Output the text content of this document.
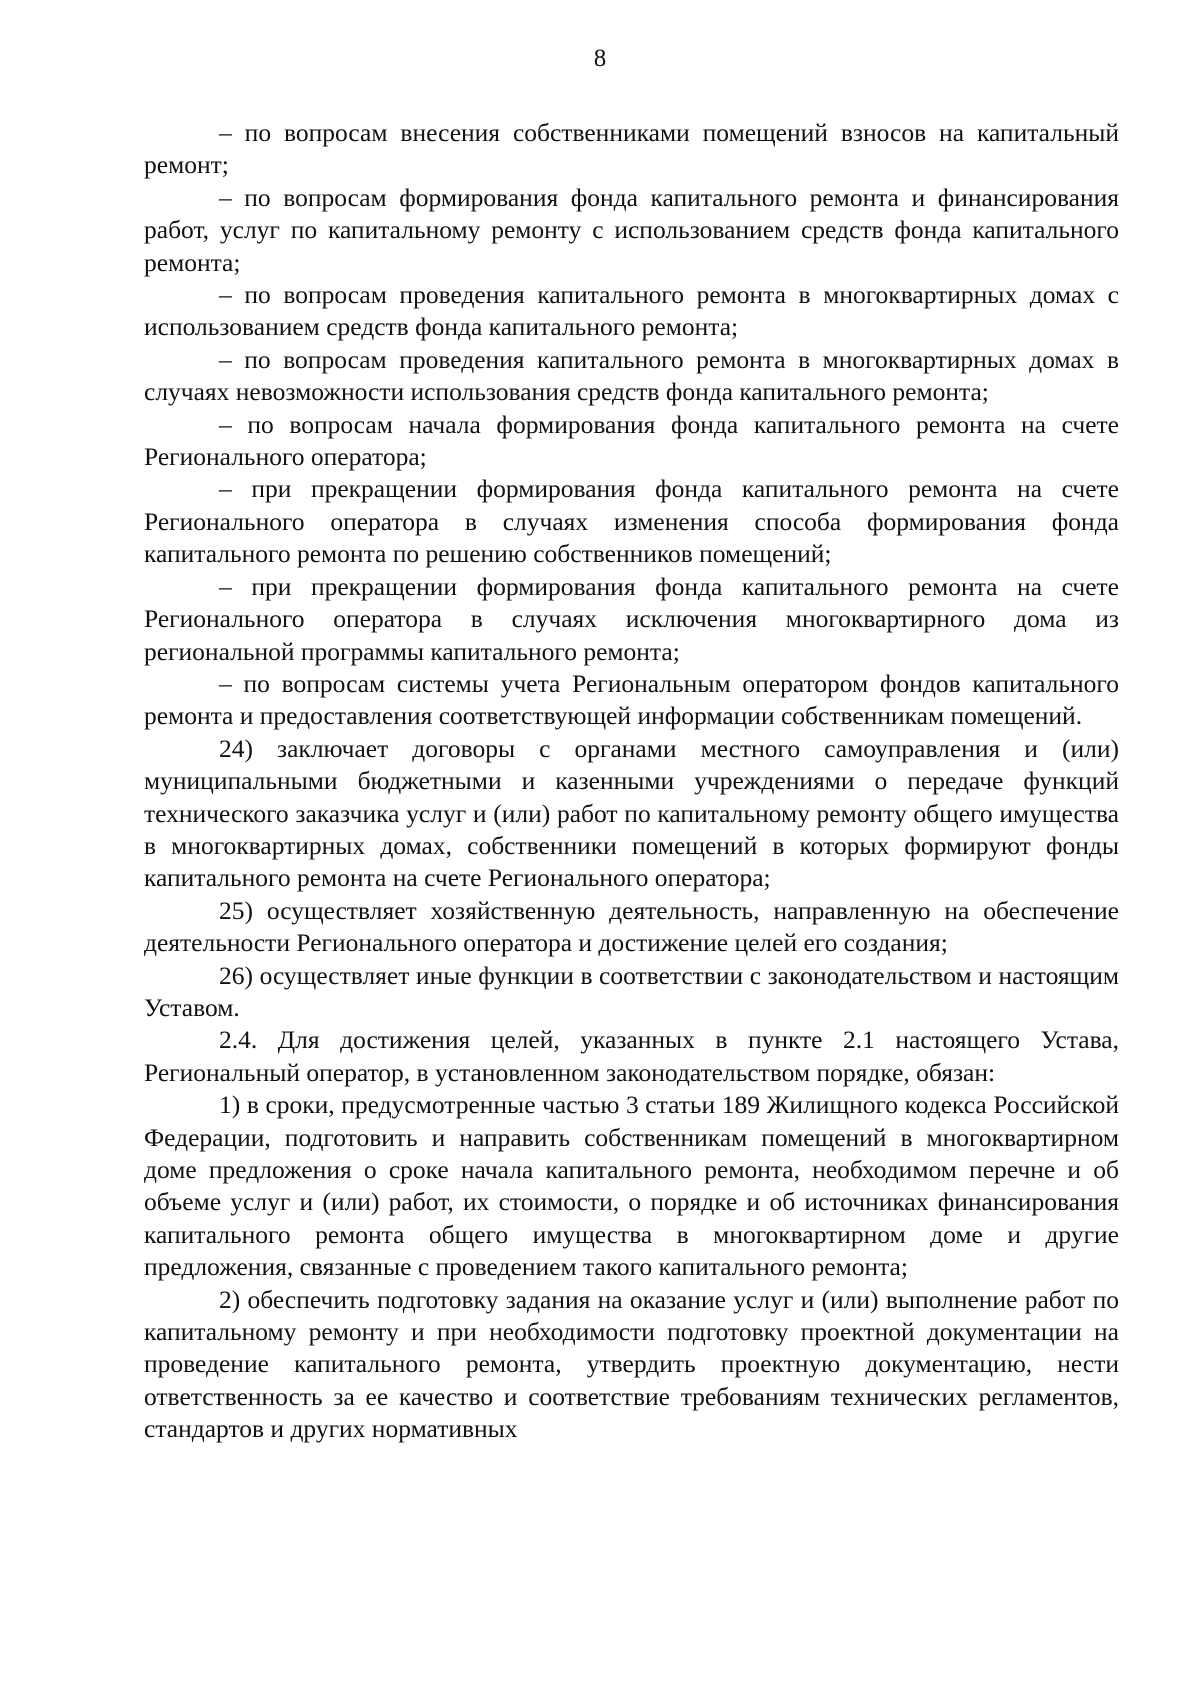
8

– по вопросам внесения собственниками помещений взносов на капитальный ремонт;

– по вопросам формирования фонда капитального ремонта и финансирования работ, услуг по капитальному ремонту с использованием средств фонда капитального ремонта;

– по вопросам проведения капитального ремонта в многоквартирных домах с использованием средств фонда капитального ремонта;

– по вопросам проведения капитального ремонта в многоквартирных домах в случаях невозможности использования средств фонда капитального ремонта;

– по вопросам начала формирования фонда капитального ремонта на счете Регионального оператора;

– при прекращении формирования фонда капитального ремонта на счете Регионального оператора в случаях изменения способа формирования фонда капитального ремонта по решению собственников помещений;

– при прекращении формирования фонда капитального ремонта на счете Регионального оператора в случаях исключения многоквартирного дома из региональной программы капитального ремонта;

– по вопросам системы учета Региональным оператором фондов капитального ремонта и предоставления соответствующей информации собственникам помещений.

24) заключает договоры с органами местного самоуправления и (или) муниципальными бюджетными и казенными учреждениями о передаче функций технического заказчика услуг и (или) работ по капитальному ремонту общего имущества в многоквартирных домах, собственники помещений в которых формируют фонды капитального ремонта на счете Регионального оператора;

25) осуществляет хозяйственную деятельность, направленную на обеспечение деятельности Регионального оператора и достижение целей его создания;

26) осуществляет иные функции в соответствии с законодательством и настоящим Уставом.

2.4. Для достижения целей, указанных в пункте 2.1 настоящего Устава, Региональный оператор, в установленном законодательством порядке, обязан:

1) в сроки, предусмотренные частью 3 статьи 189 Жилищного кодекса Российской Федерации, подготовить и направить собственникам помещений в многоквартирном доме предложения о сроке начала капитального ремонта, необходимом перечне и об объеме услуг и (или) работ, их стоимости, о порядке и об источниках финансирования капитального ремонта общего имущества в многоквартирном доме и другие предложения, связанные с проведением такого капитального ремонта;

2) обеспечить подготовку задания на оказание услуг и (или) выполнение работ по капитальному ремонту и при необходимости подготовку проектной документации на проведение капитального ремонта, утвердить проектную документацию, нести ответственность за ее качество и соответствие требованиям технических регламентов, стандартов и других нормативных
